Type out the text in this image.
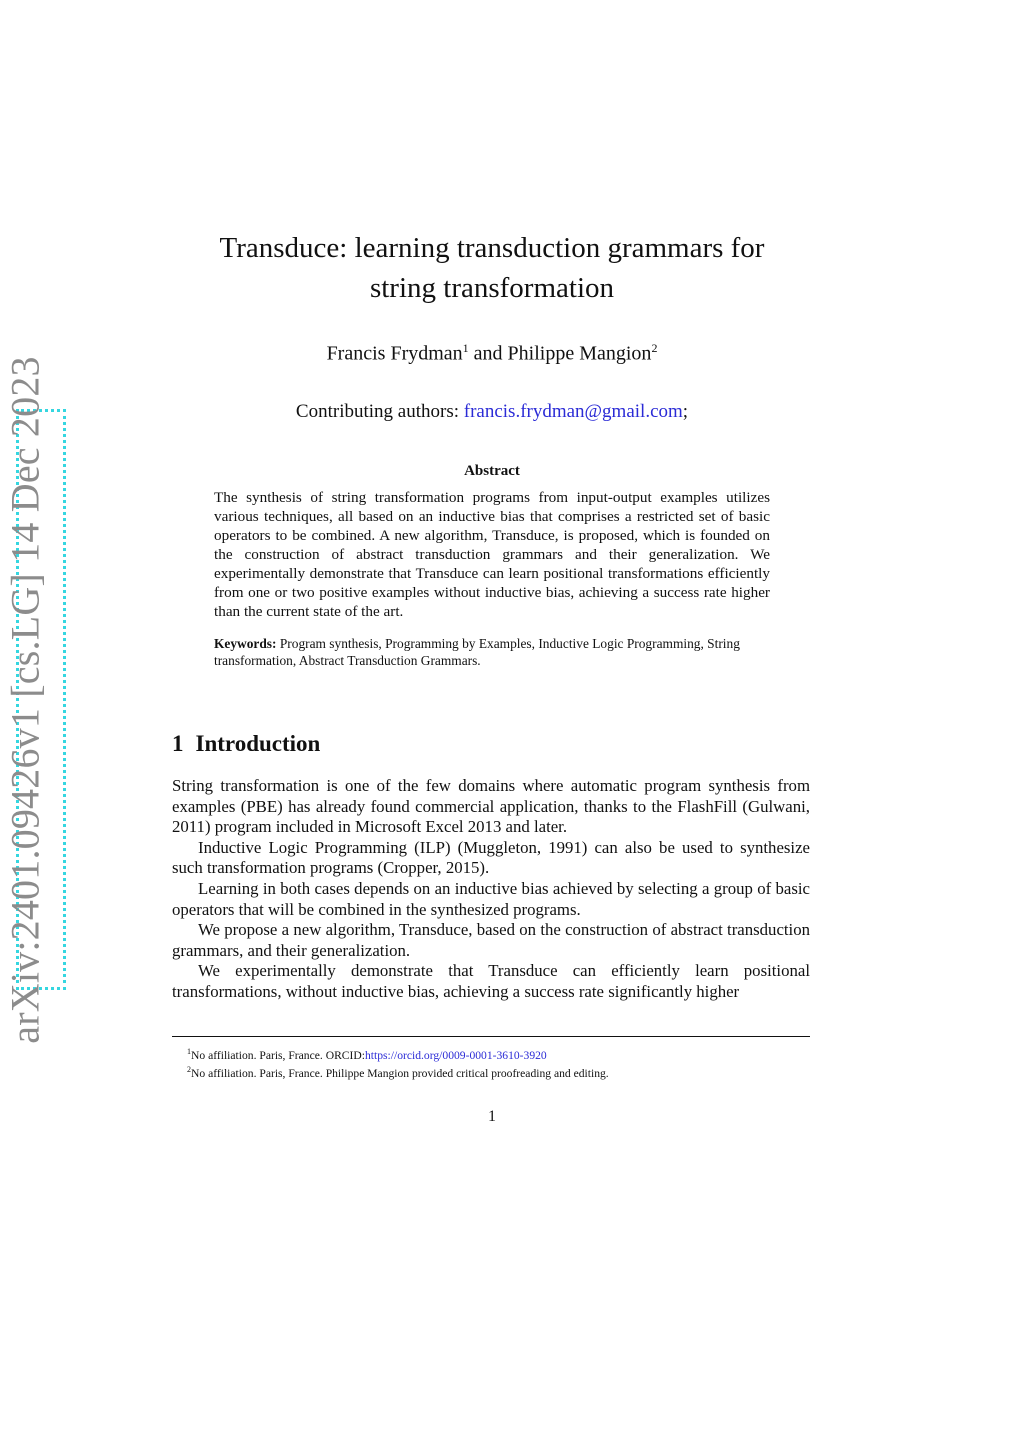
arXiv:2401.09426v1 [cs.LG] 14 Dec 2023
Transduce: learning transduction grammars for
string transformation
Francis Frydman$^1$ and Philippe Mangion$^2$
Contributing authors: francis.frydman@gmail.com;
Abstract

The synthesis of string transformation programs from input-output examples utilizes various techniques, all based on an inductive bias that comprises a restricted set of basic operators to be combined. A new algorithm, Transduce, is proposed, which is founded on the construction of abstract transduction grammars and their generalization. We experimentally demonstrate that Transduce can learn positional transformations efficiently from one or two positive examples without inductive bias, achieving a success rate higher than the current state of the art.

Keywords: Program synthesis, Programming by Examples, Inductive Logic Programming, String transformation, Abstract Transduction Grammars.

1 Introduction

String transformation is one of the few domains where automatic program synthesis from examples (PBE) has already found commercial application, thanks to the FlashFill (Gulwani, 2011) program included in Microsoft Excel 2013 and later.

Inductive Logic Programming (ILP) (Muggleton, 1991) can also be used to synthesize such transformation programs (Cropper, 2015).

Learning in both cases depends on an inductive bias achieved by selecting a group of basic operators that will be combined in the synthesized programs.

We propose a new algorithm, Transduce, based on the construction of abstract transduction grammars, and their generalization.

We experimentally demonstrate that Transduce can efficiently learn positional transformations, without inductive bias, achieving a success rate significantly higher

$^1$No affiliation. Paris, France. ORCID:https://orcid.org/0009-0001-3610-3920
$^2$No affiliation. Paris, France. Philippe Mangion provided critical proofreading and editing.
1
